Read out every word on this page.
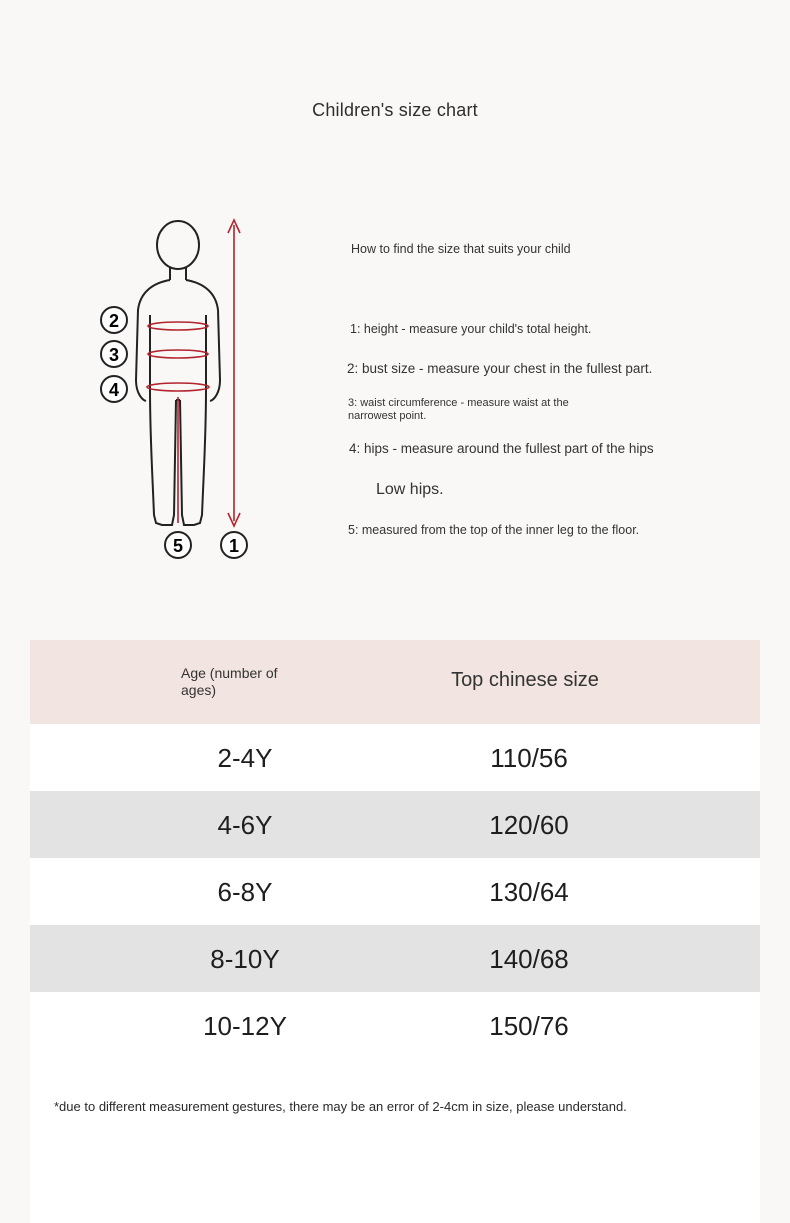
Children's size chart
2
3
4
5	1
How to find the size that suits your child
1: height - measure your child's total height.
2: bust size - measure your chest in the fullest part.
3: waist circumference - measure waist at the narrowest point.
4: hips - measure around the fullest part of the hips
Low hips.
5: measured from the top of the inner leg to the floor.
Age (number of ages)	Top chinese size
2-4Y	110/56
4-6Y	120/60
6-8Y	130/64
8-10Y	140/68
10-12Y	150/76
*due to different measurement gestures, there may be an error of 2-4cm in size, please understand.
